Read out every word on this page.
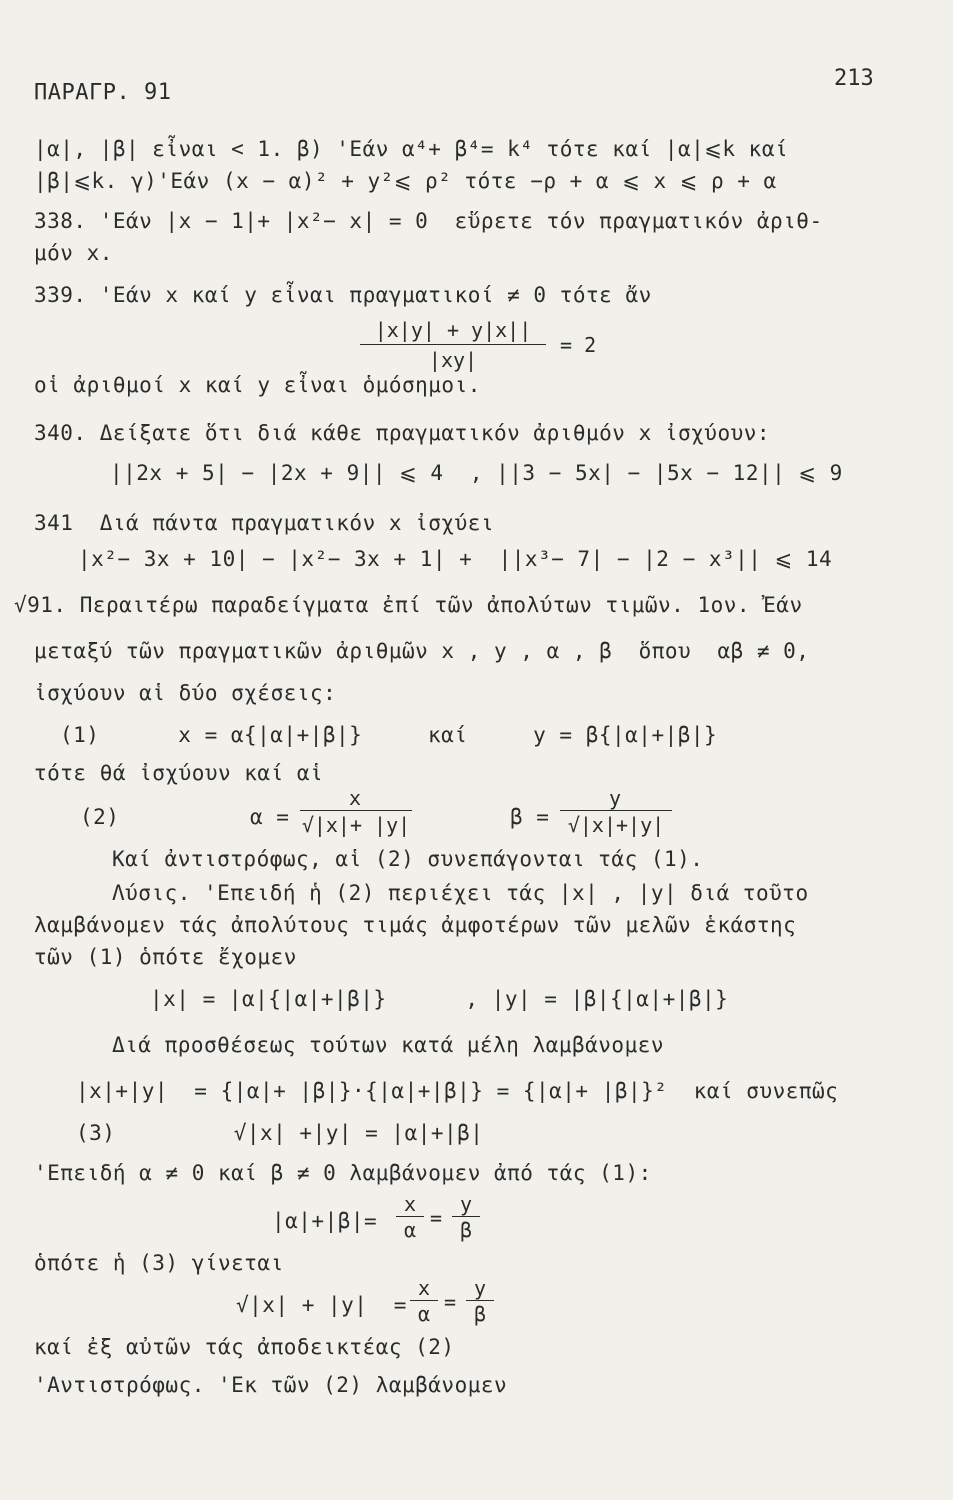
ΠΑΡΑΓΡ. 91
213
|α|, |β| εἶναι < 1. β) 'Εάν α⁴+ β⁴= k⁴ τότε καί |α|⩽k καί
|β|⩽k. γ)'Εάν (x − α)² + y²⩽ ρ² τότε −ρ + α ⩽ x ⩽ ρ + α
338. 'Εάν |x − 1|+ |x²− x| = 0  εὕρετε τόν πραγματικόν ἀριθ-
μόν x.
339. 'Εάν x καί y εἶναι πραγματικοί ≠ 0 τότε ἄν
|x|y| + y|x||
|xy|
= 2
οἱ ἀριθμοί x καί y εἶναι ὁμόσημοι.
340. Δείξατε ὅτι διά κάθε πραγματικόν ἀριθμόν x ἰσχύουν:
||2x + 5| − |2x + 9|| ⩽ 4  , ||3 − 5x| − |5x − 12|| ⩽ 9
341  Διά πάντα πραγματικόν x ἰσχύει
|x²− 3x + 10| − |x²− 3x + 1| +  ||x³− 7| − |2 − x³|| ⩽ 14
√91. Περαιτέρω παραδείγματα ἐπί τῶν ἀπολύτων τιμῶν. 1ον. Ἐάν
μεταξύ τῶν πραγματικῶν ἀριθμῶν x , y , α , β  ὅπου  αβ ≠ 0,
ἰσχύουν αἱ δύο σχέσεις:
(1)      x = α{|α|+|β|}     καί     y = β{|α|+|β|}
τότε θά ἰσχύουν καί αἱ
(2)	α =
x
√|x|+ |y|	β =
y
√|x|+|y|
Καί ἀντιστρόφως, αἱ (2) συνεπάγονται τάς (1).
Λύσις. 'Επειδή ἡ (2) περιέχει τάς |x| , |y| διά τοῦτο
λαμβάνομεν τάς ἀπολύτους τιμάς ἀμφοτέρων τῶν μελῶν ἑκάστης
τῶν (1) ὁπότε ἔχομεν
|x| = |α|{|α|+|β|}      , |y| = |β|{|α|+|β|}
Διά προσθέσεως τούτων κατά μέλη λαμβάνομεν
|x|+|y|  = {|α|+ |β|}·{|α|+|β|} = {|α|+ |β|}²  καί συνεπῶς
(3)         √|x| +|y| = |α|+|β|
'Επειδή α ≠ 0 καί β ≠ 0 λαμβάνομεν ἀπό τάς (1):
|α|+|β|=
x
α =
y
β
ὁπότε ἡ (3) γίνεται
√|x| + |y|  =
x
α =
y
β
καί ἐξ αὐτῶν τάς ἀποδεικτέας (2)
'Αντιστρόφως. 'Εκ τῶν (2) λαμβάνομεν
